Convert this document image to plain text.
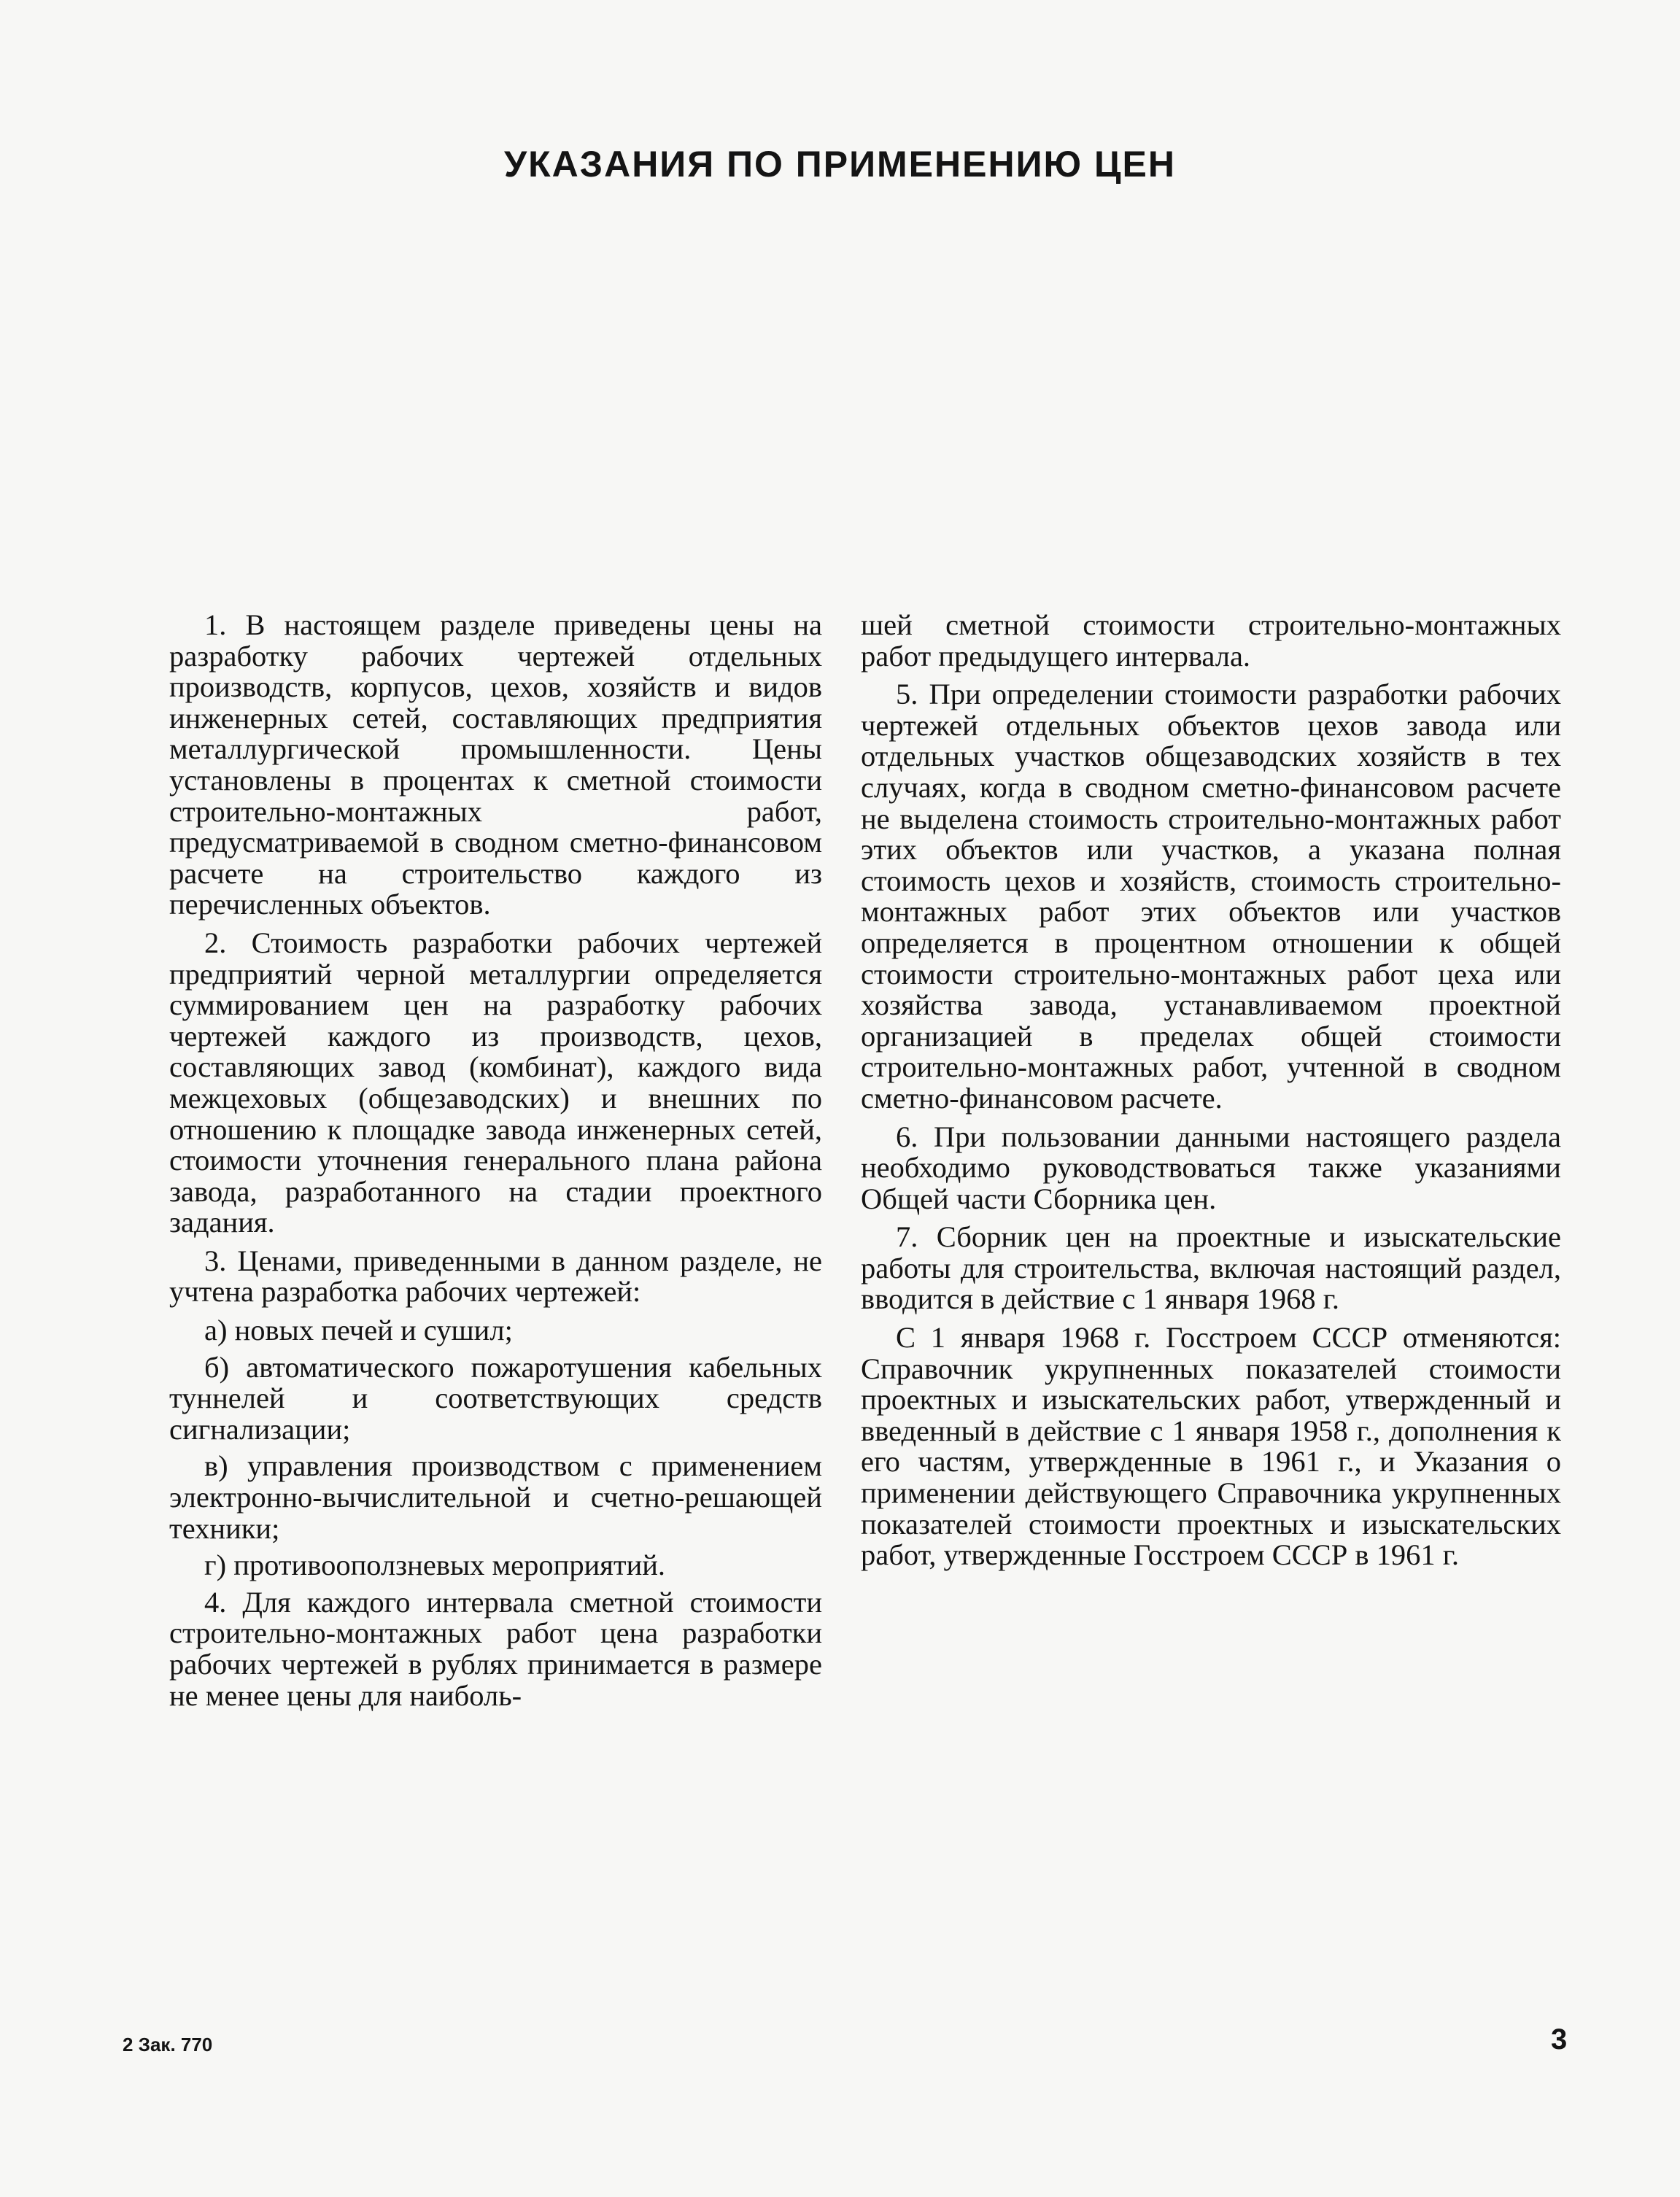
УКАЗАНИЯ ПО ПРИМЕНЕНИЮ ЦЕН

1. В настоящем разделе приведены цены на разработку рабочих чертежей отдельных производств, корпусов, цехов, хозяйств и видов инженерных сетей, составляющих предприятия металлургической промышленности. Цены установлены в процентах к сметной стоимости строительно-монтажных работ, предусматриваемой в сводном сметно-финансовом расчете на строительство каждого из перечисленных объектов.

2. Стоимость разработки рабочих чертежей предприятий черной металлургии определяется суммированием цен на разработку рабочих чертежей каждого из производств, цехов, составляющих завод (комбинат), каждого вида межцеховых (общезаводских) и внешних по отношению к площадке завода инженерных сетей, стоимости уточнения генерального плана района завода, разработанного на стадии проектного задания.

3. Ценами, приведенными в данном разделе, не учтена разработка рабочих чертежей:

а) новых печей и сушил;

б) автоматического пожаротушения кабельных туннелей и соответствующих средств сигнализации;

в) управления производством с применением электронно-вычислительной и счетно-решающей техники;

г) противооползневых мероприятий.

4. Для каждого интервала сметной стоимости строительно-монтажных работ цена разработки рабочих чертежей в рублях принимается в размере не менее цены для наиболь-

шей сметной стоимости строительно-монтажных работ предыдущего интервала.

5. При определении стоимости разработки рабочих чертежей отдельных объектов цехов завода или отдельных участков общезаводских хозяйств в тех случаях, когда в сводном сметно-финансовом расчете не выделена стоимость строительно-монтажных работ этих объектов или участков, а указана полная стоимость цехов и хозяйств, стоимость строительно-монтажных работ этих объектов или участков определяется в процентном отношении к общей стоимости строительно-монтажных работ цеха или хозяйства завода, устанавливаемом проектной организацией в пределах общей стоимости строительно-монтажных работ, учтенной в сводном сметно-финансовом расчете.

6. При пользовании данными настоящего раздела необходимо руководствоваться также указаниями Общей части Сборника цен.

7. Сборник цен на проектные и изыскательские работы для строительства, включая настоящий раздел, вводится в действие с 1 января 1968 г.

С 1 января 1968 г. Госстроем СССР отменяются: Справочник укрупненных показателей стоимости проектных и изыскательских работ, утвержденный и введенный в действие с 1 января 1958 г., дополнения к его частям, утвержденные в 1961 г., и Указания о применении действующего Справочника укрупненных показателей стоимости проектных и изыскательских работ, утвержденные Госстроем СССР в 1961 г.

2 Зак. 770	3
